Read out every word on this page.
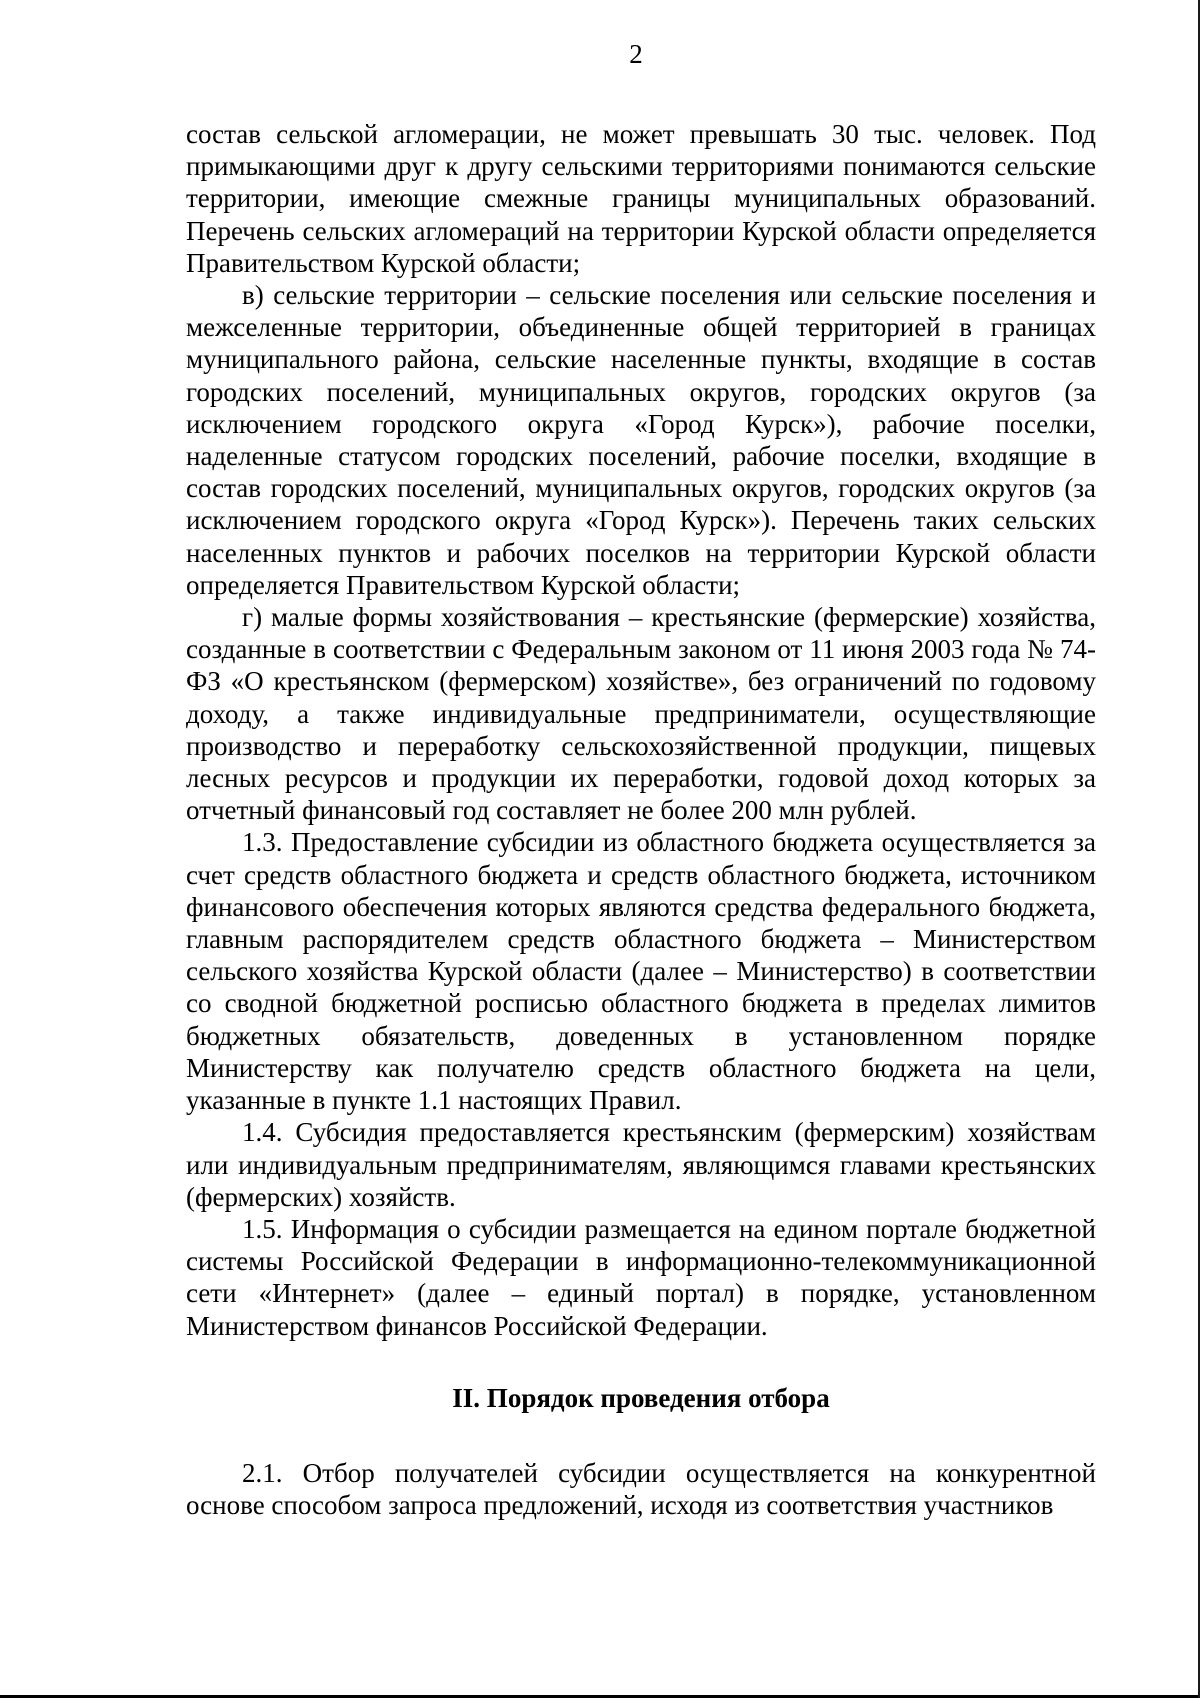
2

состав сельской агломерации, не может превышать 30 тыс. человек. Под примыкающими друг к другу сельскими территориями понимаются сельские территории, имеющие смежные границы муниципальных образований. Перечень сельских агломераций на территории Курской области определяется Правительством Курской области;

в) сельские территории – сельские поселения или сельские поселения и межселенные территории, объединенные общей территорией в границах муниципального района, сельские населенные пункты, входящие в состав городских поселений, муниципальных округов, городских округов (за исключением городского округа «Город Курск»), рабочие поселки, наделенные статусом городских поселений, рабочие поселки, входящие в состав городских поселений, муниципальных округов, городских округов (за исключением городского округа «Город Курск»). Перечень таких сельских населенных пунктов и рабочих поселков на территории Курской области определяется Правительством Курской области;

г) малые формы хозяйствования – крестьянские (фермерские) хозяйства, созданные в соответствии с Федеральным законом от 11 июня 2003 года № 74-ФЗ «О крестьянском (фермерском) хозяйстве», без ограничений по годовому доходу, а также индивидуальные предприниматели, осуществляющие производство и переработку сельскохозяйственной продукции, пищевых лесных ресурсов и продукции их переработки, годовой доход которых за отчетный финансовый год составляет не более 200 млн рублей.

1.3. Предоставление субсидии из областного бюджета осуществляется за счет средств областного бюджета и средств областного бюджета, источником финансового обеспечения которых являются средства федерального бюджета, главным распорядителем средств областного бюджета – Министерством сельского хозяйства Курской области (далее – Министерство) в соответствии со сводной бюджетной росписью областного бюджета в пределах лимитов бюджетных обязательств, доведенных в установленном порядке Министерству как получателю средств областного бюджета на цели, указанные в пункте 1.1 настоящих Правил.

1.4. Субсидия предоставляется крестьянским (фермерским) хозяйствам или индивидуальным предпринимателям, являющимся главами крестьянских (фермерских) хозяйств.

1.5. Информация о субсидии размещается на едином портале бюджетной системы Российской Федерации в информационно-телекоммуникационной сети «Интернет» (далее – единый портал) в порядке, установленном Министерством финансов Российской Федерации.

II. Порядок проведения отбора

2.1. Отбор получателей субсидии осуществляется на конкурентной основе способом запроса предложений, исходя из соответствия участников
